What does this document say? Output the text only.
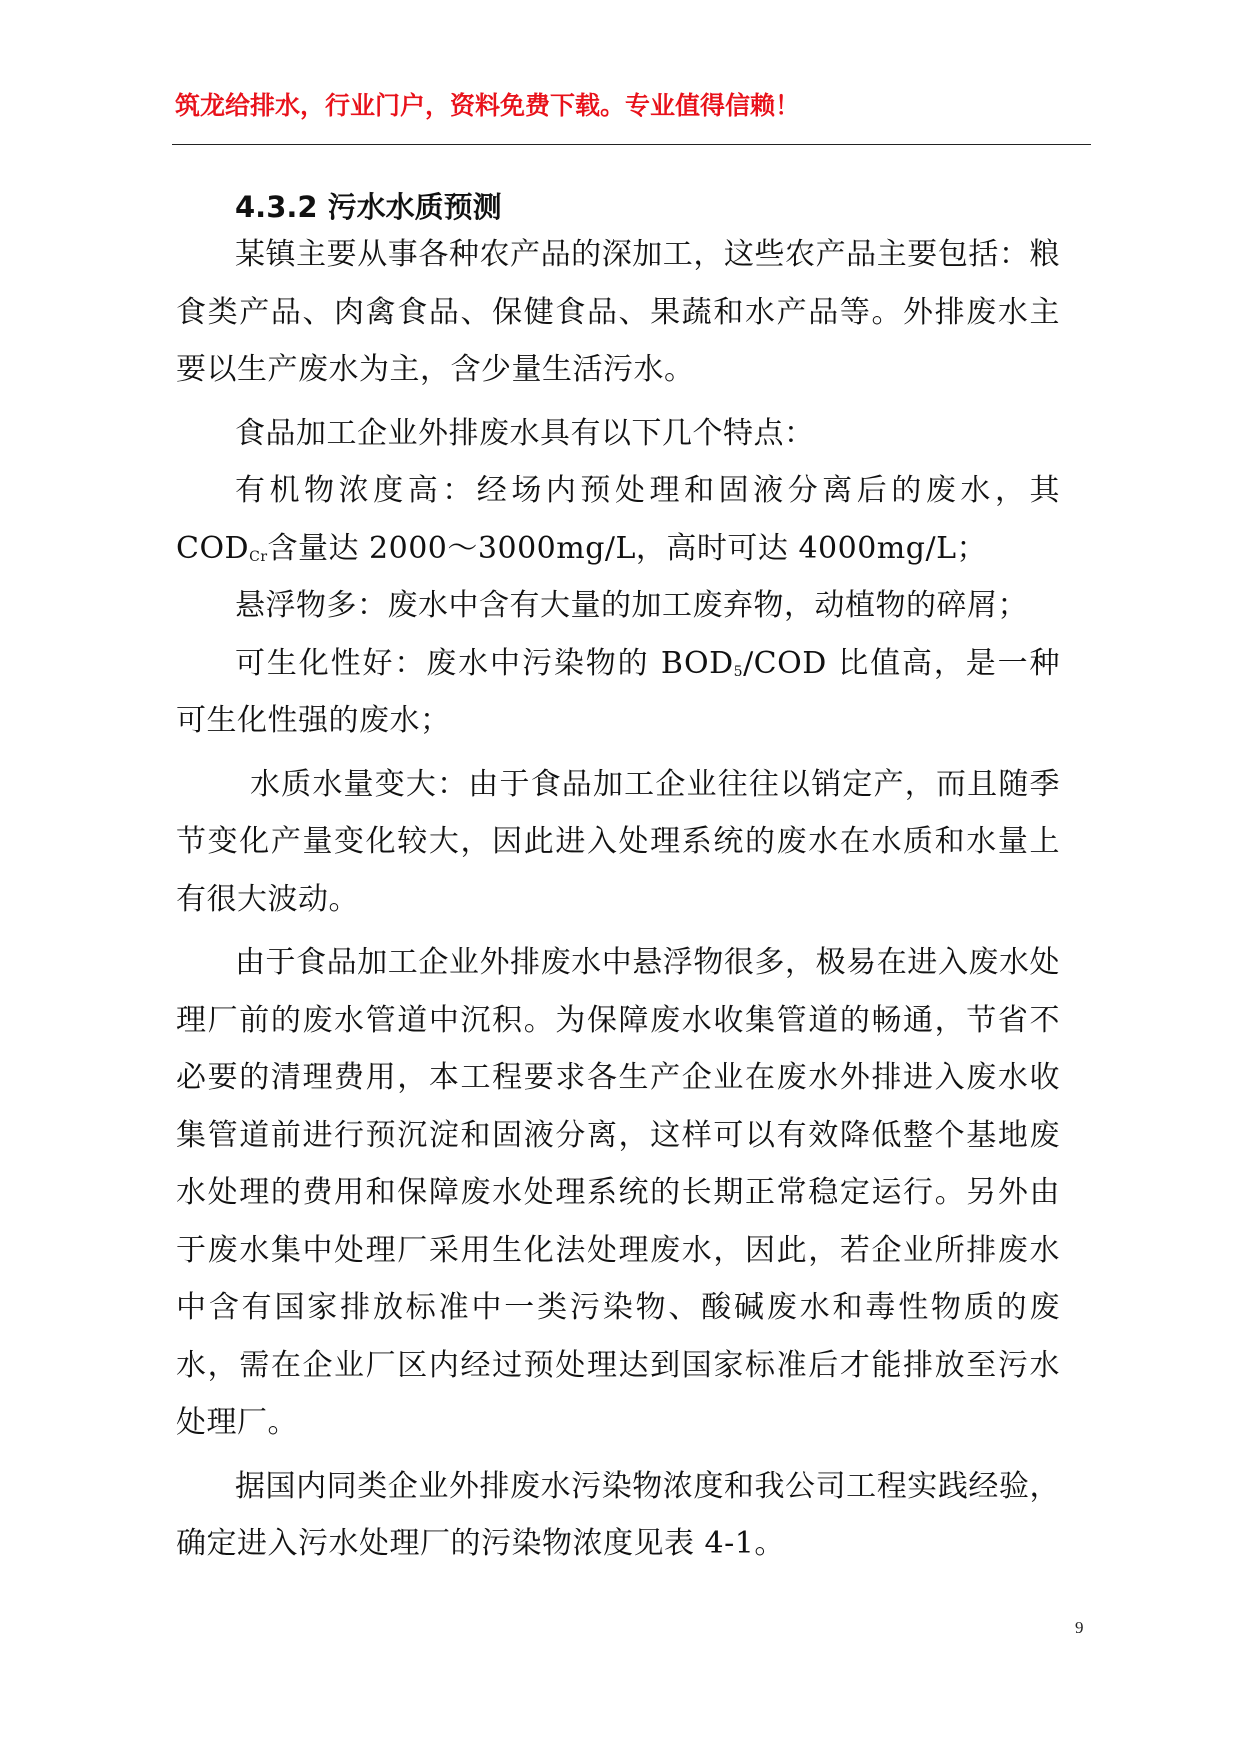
筑龙给排水，行业门户，资料免费下载。专业值得信赖！
4.3.2 污水水质预测

某镇主要从事各种农产品的深加工，这些农产品主要包括：粮食类产品、肉禽食品、保健食品、果蔬和水产品等。外排废水主要以生产废水为主，含少量生活污水。

食品加工企业外排废水具有以下几个特点：

有机物浓度高：经场内预处理和固液分离后的废水，其 $COD_{Cr}$含量达 2000～3000mg/L，高时可达 4000mg/L；

悬浮物多：废水中含有大量的加工废弃物，动植物的碎屑；

可生化性好：废水中污染物的 $BOD_5$/COD 比值高，是一种可生化性强的废水；

水质水量变大：由于食品加工企业往往以销定产，而且随季节变化产量变化较大，因此进入处理系统的废水在水质和水量上有很大波动。

由于食品加工企业外排废水中悬浮物很多，极易在进入废水处理厂前的废水管道中沉积。为保障废水收集管道的畅通，节省不必要的清理费用，本工程要求各生产企业在废水外排进入废水收集管道前进行预沉淀和固液分离，这样可以有效降低整个基地废水处理的费用和保障废水处理系统的长期正常稳定运行。另外由于废水集中处理厂采用生化法处理废水，因此，若企业所排废水中含有国家排放标准中一类污染物、酸碱废水和毒性物质的废水，需在企业厂区内经过预处理达到国家标准后才能排放至污水处理厂。

据国内同类企业外排废水污染物浓度和我公司工程实践经验，确定进入污水处理厂的污染物浓度见表 4-1。

9
